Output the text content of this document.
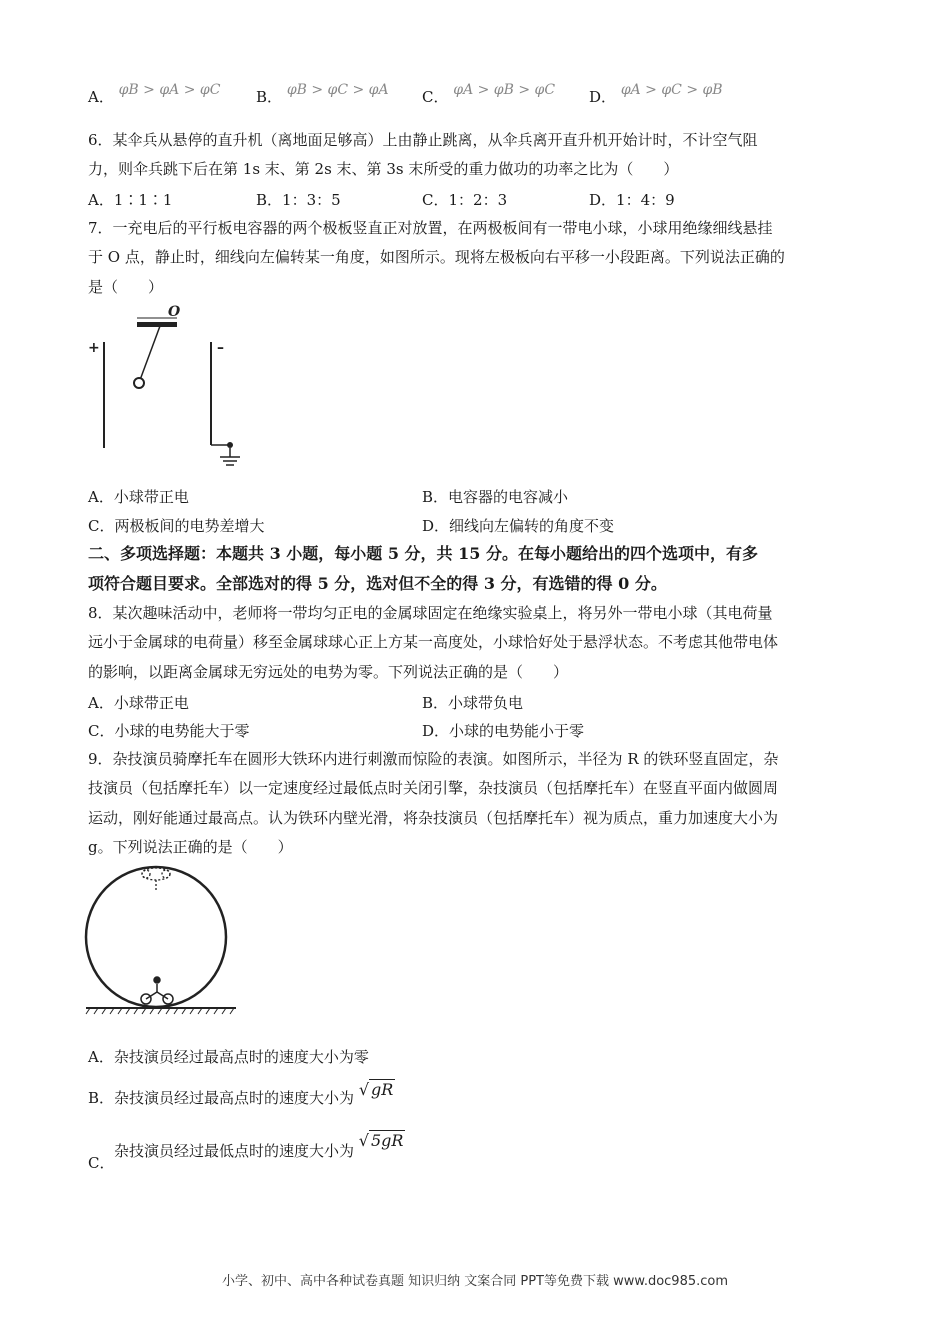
A． φB > φA > φC B． φB > φC > φA C． φA > φB > φC D． φA > φC > φB
6．某伞兵从悬停的直升机（离地面足够高）上由静止跳离，从伞兵离开直升机开始计时，不计空气阻
力，则伞兵跳下后在第 1s 末、第 2s 末、第 3s 末所受的重力做功的功率之比为（　　）
A．1∶1∶1	B．1：3：5	C．1：2：3	D．1：4：9
7．一充电后的平行板电容器的两个极板竖直正对放置，在两极板间有一带电小球，小球用绝缘细线悬挂
于 O 点，静止时，细线向左偏转某一角度，如图所示。现将左极板向右平移一小段距离。下列说法正确的
是（　　）
O
+	–
A．小球带正电	B．电容器的电容减小
C．两极板间的电势差增大	D．细线向左偏转的角度不变
二、多项选择题：本题共 3 小题，每小题 5 分，共 15 分。在每小题给出的四个选项中，有多
项符合题目要求。全部选对的得 5 分，选对但不全的得 3 分，有选错的得 0 分。
8．某次趣味活动中，老师将一带均匀正电的金属球固定在绝缘实验桌上，将另外一带电小球（其电荷量
远小于金属球的电荷量）移至金属球球心正上方某一高度处，小球恰好处于悬浮状态。不考虑其他带电体
的影响，以距离金属球无穷远处的电势为零。下列说法正确的是（　　）
A．小球带正电	B．小球带负电
C．小球的电势能大于零	D．小球的电势能小于零
9．杂技演员骑摩托车在圆形大铁环内进行刺激而惊险的表演。如图所示，半径为 R 的铁环竖直固定，杂
技演员（包括摩托车）以一定速度经过最低点时关闭引擎，杂技演员（包括摩托车）在竖直平面内做圆周
运动，刚好能通过最高点。认为铁环内壁光滑，将杂技演员（包括摩托车）视为质点，重力加速度大小为
g。下列说法正确的是（　　）
A．杂技演员经过最高点时的速度大小为零
B．杂技演员经过最高点时的速度大小为 √ gR
C．
杂技演员经过最低点时的速度大小为 √ 5gR
小学、初中、高中各种试卷真题 知识归纳 文案合同 PPT等免费下载 www.doc985.com
